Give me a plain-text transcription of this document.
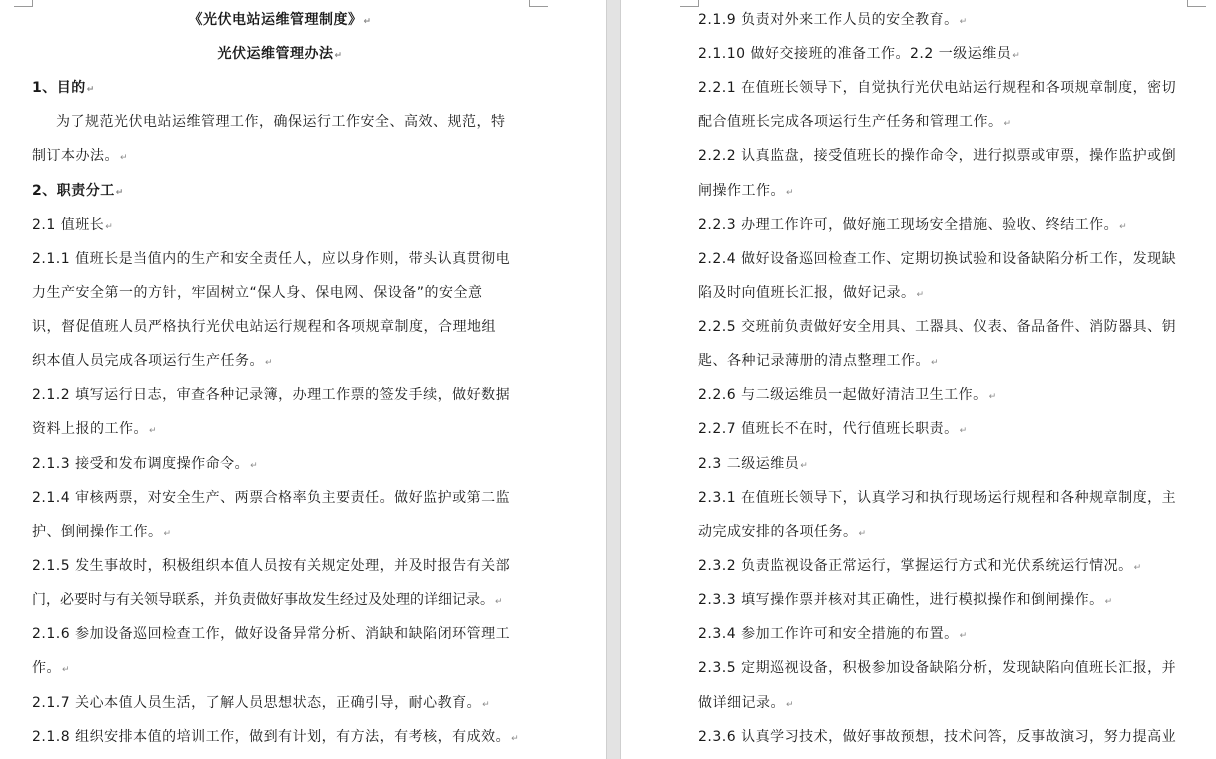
《光伏电站运维管理制度》↵
光伏运维管理办法↵
1、目的↵
为了规范光伏电站运维管理工作，确保运行工作安全、高效、规范，特
制订本办法。↵
2、职责分工↵
2.1 值班长↵
2.1.1 值班长是当值内的生产和安全责任人，应以身作则，带头认真贯彻电
力生产安全第一的方针，牢固树立“保人身、保电网、保设备”的安全意
识，督促值班人员严格执行光伏电站运行规程和各项规章制度，合理地组
织本值人员完成各项运行生产任务。↵
2.1.2 填写运行日志，审查各种记录簿，办理工作票的签发手续，做好数据
资料上报的工作。↵
2.1.3 接受和发布调度操作命令。↵
2.1.4 审核两票，对安全生产、两票合格率负主要责任。做好监护或第二监
护、倒闸操作工作。↵
2.1.5 发生事故时，积极组织本值人员按有关规定处理，并及时报告有关部
门，必要时与有关领导联系，并负责做好事故发生经过及处理的详细记录。↵
2.1.6 参加设备巡回检查工作，做好设备异常分析、消缺和缺陷闭环管理工
作。↵
2.1.7 关心本值人员生活，了解人员思想状态，正确引导，耐心教育。↵
2.1.8 组织安排本值的培训工作，做到有计划，有方法，有考核，有成效。↵
2.1.9 负责对外来工作人员的安全教育。↵
2.1.10 做好交接班的准备工作。2.2 一级运维员↵
2.2.1 在值班长领导下，自觉执行光伏电站运行规程和各项规章制度，密切
配合值班长完成各项运行生产任务和管理工作。↵
2.2.2 认真监盘，接受值班长的操作命令，进行拟票或审票，操作监护或倒
闸操作工作。↵
2.2.3 办理工作许可，做好施工现场安全措施、验收、终结工作。↵
2.2.4 做好设备巡回检查工作、定期切换试验和设备缺陷分析工作，发现缺
陷及时向值班长汇报，做好记录。↵
2.2.5 交班前负责做好安全用具、工器具、仪表、备品备件、消防器具、钥
匙、各种记录薄册的清点整理工作。↵
2.2.6 与二级运维员一起做好清洁卫生工作。↵
2.2.7 值班长不在时，代行值班长职责。↵
2.3 二级运维员↵
2.3.1 在值班长领导下，认真学习和执行现场运行规程和各种规章制度，主
动完成安排的各项任务。↵
2.3.2 负责监视设备正常运行，掌握运行方式和光伏系统运行情况。↵
2.3.3 填写操作票并核对其正确性，进行模拟操作和倒闸操作。↵
2.3.4 参加工作许可和安全措施的布置。↵
2.3.5 定期巡视设备，积极参加设备缺陷分析，发现缺陷向值班长汇报，并
做详细记录。↵
2.3.6 认真学习技术，做好事故预想，技术问答，反事故演习，努力提高业
